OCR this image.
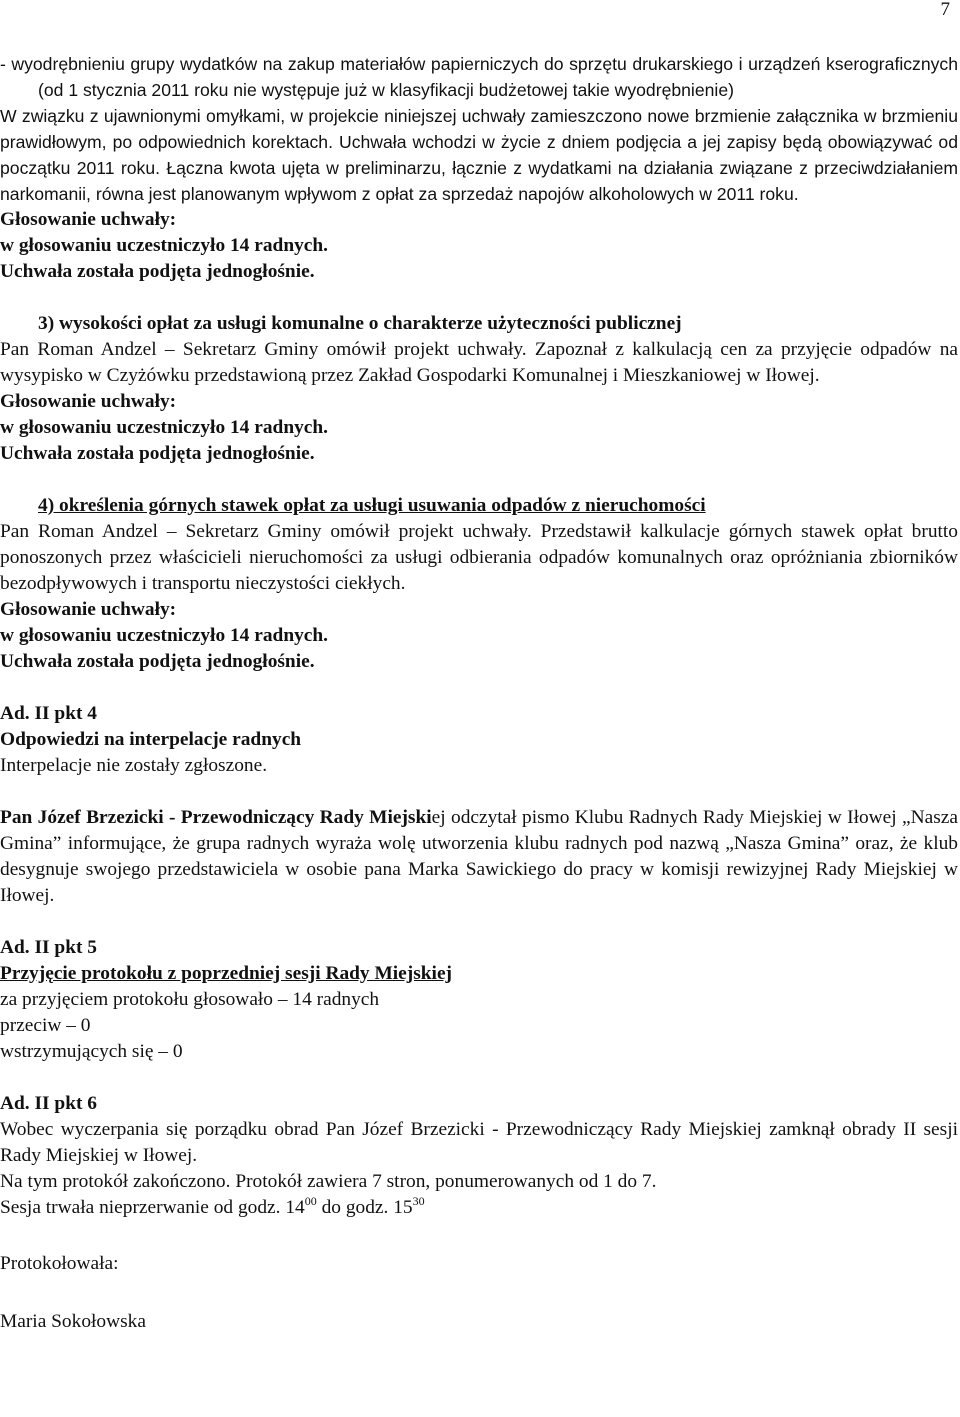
7

- wyodrębnieniu grupy wydatków na zakup materiałów papierniczych do sprzętu drukarskiego i urządzeń kserograficznych (od 1 stycznia 2011 roku nie występuje już w klasyfikacji budżetowej takie wyodrębnienie)

W związku z ujawnionymi omyłkami, w projekcie niniejszej uchwały zamieszczono nowe brzmienie załącznika w brzmieniu prawidłowym, po odpowiednich korektach. Uchwała wchodzi w życie z dniem podjęcia a jej zapisy będą obowiązywać od początku 2011 roku. Łączna kwota ujęta w preliminarzu, łącznie z wydatkami na działania związane z przeciwdziałaniem narkomanii, równa jest planowanym wpływom z opłat za sprzedaż napojów alkoholowych w 2011 roku.

Głosowanie uchwały:

w głosowaniu uczestniczyło 14 radnych.

Uchwała została podjęta jednogłośnie.

3) wysokości opłat za usługi komunalne o charakterze użyteczności publicznej

Pan Roman Andzel – Sekretarz Gminy omówił projekt uchwały. Zapoznał z kalkulacją cen za przyjęcie odpadów na wysypisko w Czyżówku przedstawioną przez Zakład Gospodarki Komunalnej i Mieszkaniowej w Iłowej.

Głosowanie uchwały:

w głosowaniu uczestniczyło 14 radnych.

Uchwała została podjęta jednogłośnie.

4) określenia górnych stawek opłat za usługi usuwania odpadów z nieruchomości

Pan Roman Andzel – Sekretarz Gminy omówił projekt uchwały. Przedstawił kalkulacje górnych stawek opłat brutto ponoszonych przez właścicieli nieruchomości za usługi odbierania odpadów komunalnych oraz opróżniania zbiorników bezodpływowych i transportu nieczystości ciekłych.

Głosowanie uchwały:

w głosowaniu uczestniczyło 14 radnych.

Uchwała została podjęta jednogłośnie.

Ad. II pkt 4

Odpowiedzi na interpelacje radnych

Interpelacje nie zostały zgłoszone.

Pan Józef Brzezicki - Przewodniczący Rady Miejskiej odczytał pismo Klubu Radnych Rady Miejskiej w Iłowej „Nasza Gmina” informujące, że grupa radnych wyraża wolę utworzenia klubu radnych pod nazwą „Nasza Gmina” oraz, że klub desygnuje swojego przedstawiciela w osobie pana Marka Sawickiego do pracy w komisji rewizyjnej Rady Miejskiej w Iłowej.

Ad. II pkt 5

Przyjęcie protokołu z poprzedniej sesji Rady Miejskiej

za przyjęciem protokołu głosowało – 14 radnych

przeciw – 0

wstrzymujących się – 0

Ad. II pkt 6

Wobec wyczerpania się porządku obrad Pan Józef Brzezicki - Przewodniczący Rady Miejskiej zamknął obrady II sesji Rady Miejskiej w Iłowej.

Na tym protokół zakończono. Protokół zawiera 7 stron, ponumerowanych od 1 do 7.

Sesja trwała nieprzerwanie od godz. $14^{00}$ do godz. $15^{30}$

Protokołowała:

Maria Sokołowska
